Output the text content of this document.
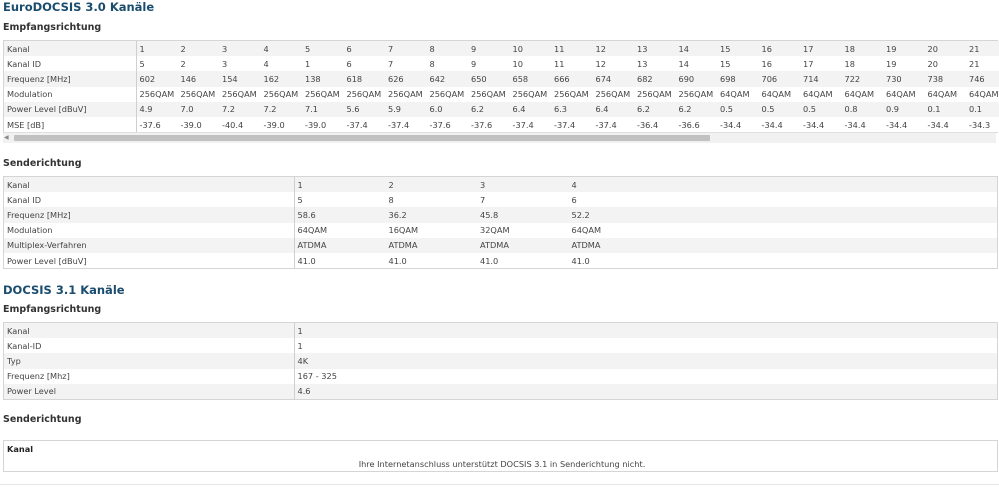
EuroDOCSIS 3.0 Kanäle
Empfangsrichtung
Kanal	1	2	3	4	5	6	7	8	9	10	11	12	13	14	15	16	17	18	19	20	21	
Kanal ID	5	2	3	4	1	6	7	8	9	10	11	12	13	14	15	16	17	18	19	20	21	
Frequenz [MHz]	602	146	154	162	138	618	626	642	650	658	666	674	682	690	698	706	714	722	730	738	746	
Modulation	256QAM	256QAM	256QAM	256QAM	256QAM	256QAM	256QAM	256QAM	256QAM	256QAM	256QAM	256QAM	256QAM	256QAM	64QAM	64QAM	64QAM	64QAM	64QAM	64QAM	64QAM	
Power Level [dBuV]	4.9	7.0	7.2	7.2	7.1	5.6	5.9	6.0	6.2	6.4	6.3	6.4	6.2	6.2	0.5	0.5	0.5	0.8	0.9	0.1	0.1	
MSE [dB]	-37.6	-39.0	-40.4	-39.0	-39.0	-37.4	-37.4	-37.6	-37.6	-37.4	-37.4	-37.4	-36.4	-36.6	-34.4	-34.4	-34.4	-34.4	-34.4	-34.4	-34.3	
◀
Senderichtung
Kanal	1	2	3	4	
Kanal ID	5	8	7	6	
Frequenz [MHz]	58.6	36.2	45.8	52.2	
Modulation	64QAM	16QAM	32QAM	64QAM	
Multiplex-Verfahren	ATDMA	ATDMA	ATDMA	ATDMA	
Power Level [dBuV]	41.0	41.0	41.0	41.0	
DOCSIS 3.1 Kanäle
Empfangsrichtung
Kanal	1	
Kanal-ID	1	
Typ	4K	
Frequenz [Mhz]	167 - 325	
Power Level	4.6	
Senderichtung
Kanal
Ihre Internetanschluss unterstützt DOCSIS 3.1 in Senderichtung nicht.
